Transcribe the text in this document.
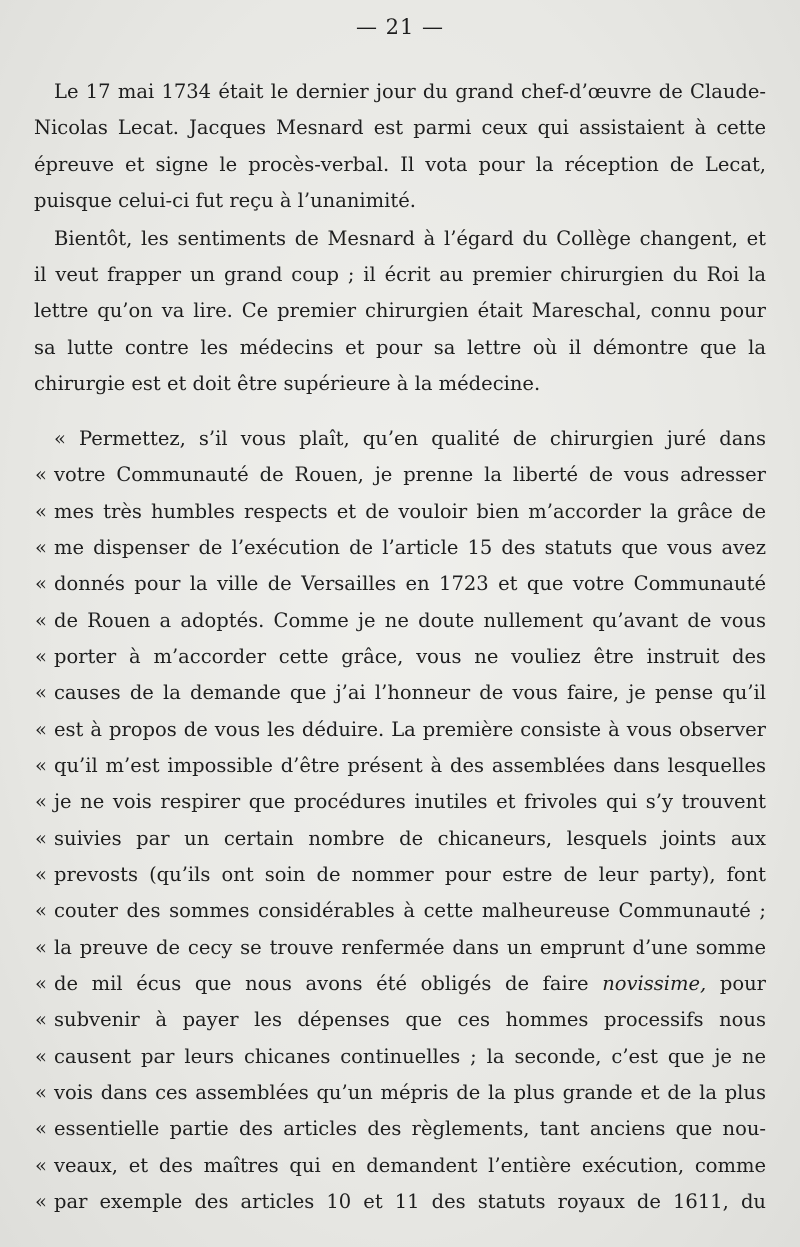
— 21 —
Le 17 mai 1734 était le dernier jour du grand chef-d’œuvre de Claude-
Nicolas Lecat. Jacques Mesnard est parmi ceux qui assistaient à cette
épreuve et signe le procès-verbal. Il vota pour la réception de Lecat,
puisque celui-ci fut reçu à l’unanimité.
Bientôt, les sentiments de Mesnard à l’égard du Collège changent, et
il veut frapper un grand coup ; il écrit au premier chirurgien du Roi la
lettre qu’on va lire. Ce premier chirurgien était Mareschal, connu pour
sa lutte contre les médecins et pour sa lettre où il démontre que la
chirurgie est et doit être supérieure à la médecine.
« Permettez, s’il vous plaît, qu’en qualité de chirurgien juré dans
« votre Communauté de Rouen, je prenne la liberté de vous adresser
« mes très humbles respects et de vouloir bien m’accorder la grâce de
« me dispenser de l’exécution de l’article 15 des statuts que vous avez
« donnés pour la ville de Versailles en 1723 et que votre Communauté
« de Rouen a adoptés. Comme je ne doute nullement qu’avant de vous
« porter à m’accorder cette grâce, vous ne vouliez être instruit des
« causes de la demande que j’ai l’honneur de vous faire, je pense qu’il
« est à propos de vous les déduire. La première consiste à vous observer
« qu’il m’est impossible d’être présent à des assemblées dans lesquelles
« je ne vois respirer que procédures inutiles et frivoles qui s’y trouvent
« suivies par un certain nombre de chicaneurs, lesquels joints aux
« prevosts (qu’ils ont soin de nommer pour estre de leur party), font
« couter des sommes considérables à cette malheureuse Communauté ;
« la preuve de cecy se trouve renfermée dans un emprunt d’une somme
« de mil écus que nous avons été obligés de faire novissime, pour
« subvenir à payer les dépenses que ces hommes processifs nous
« causent par leurs chicanes continuelles ; la seconde, c’est que je ne
« vois dans ces assemblées qu’un mépris de la plus grande et de la plus
« essentielle partie des articles des règlements, tant anciens que nou-
« veaux, et des maîtres qui en demandent l’entière exécution, comme
« par exemple des articles 10 et 11 des statuts royaux de 1611, du
